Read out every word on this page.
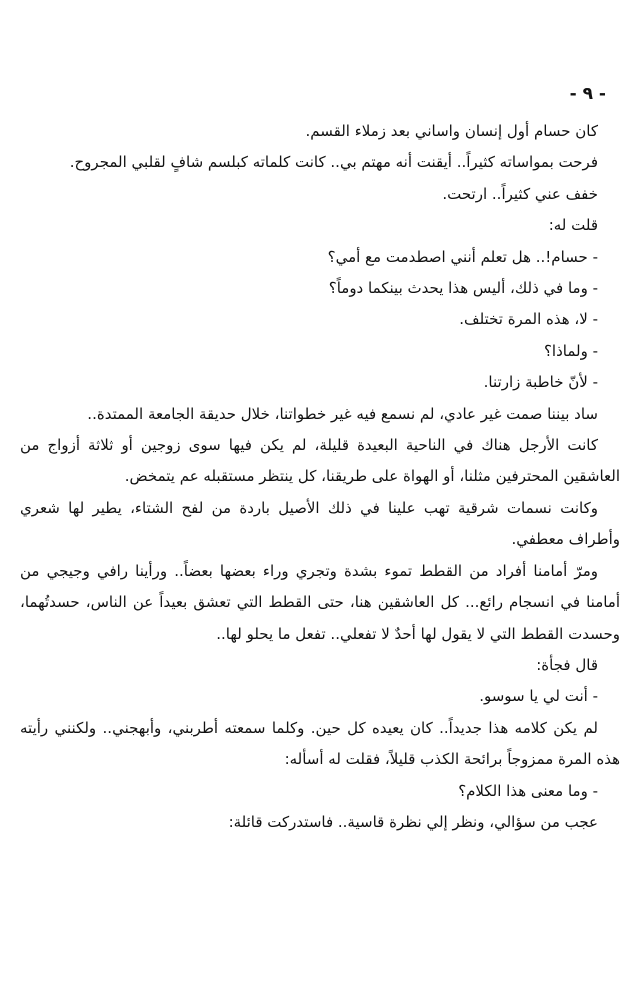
- ٩ -

كان حسام أول إنسان واساني بعد زملاء القسم.

فرحت بمواساته كثيراً.. أيقنت أنه مهتم بي.. كانت كلماته كبلسم شافٍ لقلبي المجروح.

خفف عني كثيراً.. ارتحت.

قلت له:

- حسام!.. هل تعلم أنني اصطدمت مع أمي؟

- وما في ذلك، أليس هذا يحدث بينكما دوماً؟

- لا، هذه المرة تختلف.

- ولماذا؟

- لأنّ خاطبة زارتنا.

ساد بيننا صمت غير عادي، لم نسمع فيه غير خطواتنا، خلال حديقة الجامعة الممتدة..

كانت الأرجل هناك في الناحية البعيدة قليلة، لم يكن فيها سوى زوجين أو ثلاثة أزواج من العاشقين المحترفين مثلنا، أو الهواة على طريقنا، كل ينتظر مستقبله عم يتمخض.

وكانت نسمات شرقية تهب علينا في ذلك الأصيل باردة من لفح الشتاء، يطير لها شعري وأطراف معطفي.

ومرّ أمامنا أفراد من القطط تموء بشدة وتجري وراء بعضها بعضاً.. ورأينا رافي وجيجي من أمامنا في انسجام رائع... كل العاشقين هنا، حتى القطط التي تعشق بعيداً عن الناس، حسدتُهما، وحسدت القطط التي لا يقول لها أحدٌ لا تفعلي.. تفعل ما يحلو لها..

قال فجأة:

- أنت لي يا سوسو.

لم يكن كلامه هذا جديداً.. كان يعيده كل حين. وكلما سمعته أطربني، وأبهجني.. ولكنني رأيته هذه المرة ممزوجاً برائحة الكذب قليلاً، فقلت له أسأله:

- وما معنى هذا الكلام؟

عجب من سؤالي، ونظر إلي نظرة قاسية.. فاستدركت قائلة:
